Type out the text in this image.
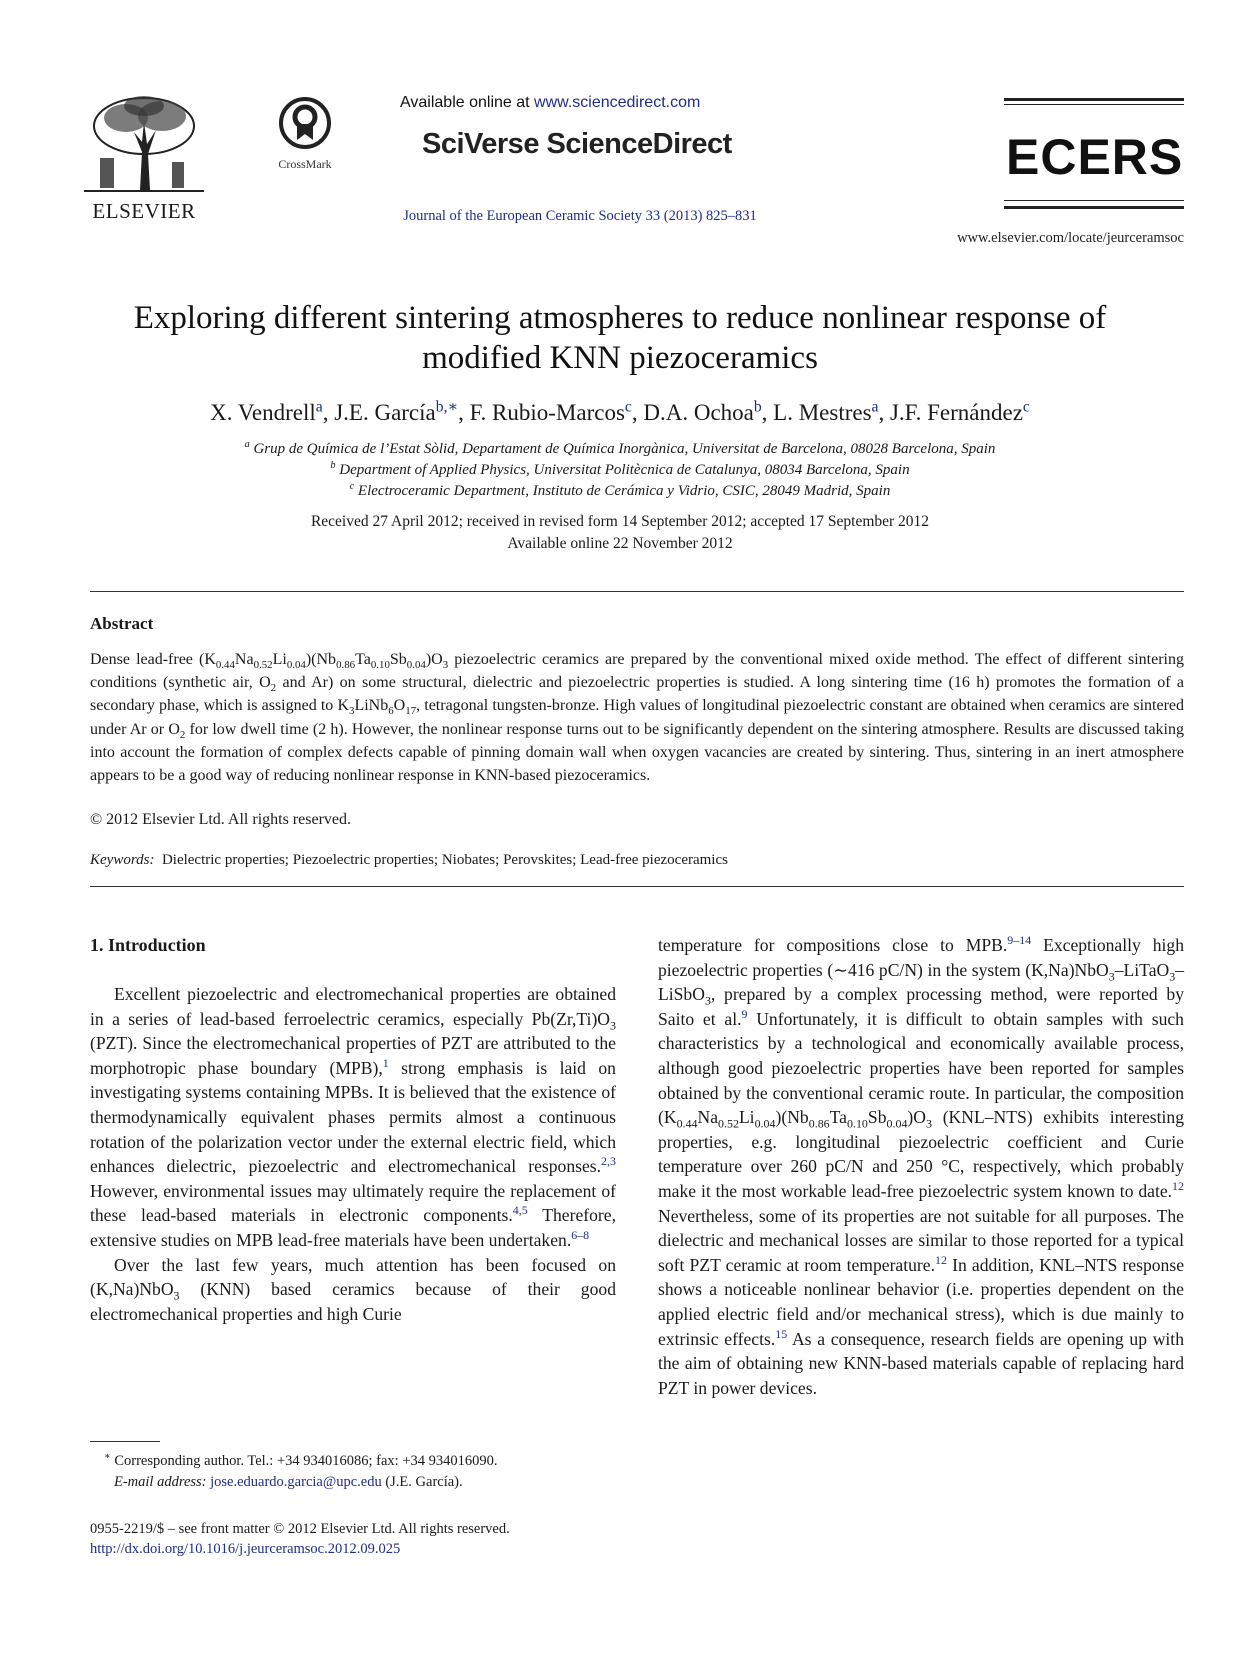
ELSEVIER
CrossMark
Available online at www.sciencedirect.com
SciVerse ScienceDirect
Journal of the European Ceramic Society 33 (2013) 825–831
ECERS
www.elsevier.com/locate/jeurceramsoc
Exploring different sintering atmospheres to reduce nonlinear response of
modified KNN piezoceramics
X. Vendrell$^a$, J.E. García$^{b,∗}$, F. Rubio-Marcos$^c$, D.A. Ochoa$^b$, L. Mestres$^a$, J.F. Fernández$^c$
$^a$ Grup de Química de l’Estat Sòlid, Departament de Química Inorgànica, Universitat de Barcelona, 08028 Barcelona, Spain
$^b$ Department of Applied Physics, Universitat Politècnica de Catalunya, 08034 Barcelona, Spain
$^c$ Electroceramic Department, Instituto de Cerámica y Vidrio, CSIC, 28049 Madrid, Spain
Received 27 April 2012; received in revised form 14 September 2012; accepted 17 September 2012
Available online 22 November 2012
Abstract
Dense lead-free $(K_{0.44}Na_{0.52}Li_{0.04})(Nb_{0.86}Ta_{0.10}Sb_{0.04})O_3$ piezoelectric ceramics are prepared by the conventional mixed oxide method. The effect of different sintering conditions (synthetic air, $O_2$ and Ar) on some structural, dielectric and piezoelectric properties is studied. A long sintering time (16 h) promotes the formation of a secondary phase, which is assigned to $K_3LiNb_6O_{17}$, tetragonal tungsten-bronze. High values of longitudinal piezoelectric constant are obtained when ceramics are sintered under Ar or $O_2$ for low dwell time (2 h). However, the nonlinear response turns out to be significantly dependent on the sintering atmosphere. Results are discussed taking into account the formation of complex defects capable of pinning domain wall when oxygen vacancies are created by sintering. Thus, sintering in an inert atmosphere appears to be a good way of reducing nonlinear response in KNN-based piezoceramics.
© 2012 Elsevier Ltd. All rights reserved.
Keywords: Dielectric properties; Piezoelectric properties; Niobates; Perovskites; Lead-free piezoceramics
1. Introduction

Excellent piezoelectric and electromechanical properties are obtained in a series of lead-based ferroelectric ceramics, especially $Pb(Zr,Ti)O_3$ (PZT). Since the electromechanical properties of PZT are attributed to the morphotropic phase boundary (MPB),$^1$ strong emphasis is laid on investigating systems containing MPBs. It is believed that the existence of thermodynamically equivalent phases permits almost a continuous rotation of the polarization vector under the external electric field, which enhances dielectric, piezoelectric and electromechanical responses.$^{2,3}$ However, environmental issues may ultimately require the replacement of these lead-based materials in electronic components.$^{4,5}$ Therefore, extensive studies on MPB lead-free materials have been undertaken.$^{6-8}$

Over the last few years, much attention has been focused on (K,Na)NbO$_3$ (KNN) based ceramics because of their good electromechanical properties and high Curie

temperature for compositions close to MPB.$^{9-14}$ Exceptionally high piezoelectric properties (∼416 pC/N) in the system (K,Na)NbO$_3$–LiTaO$_3$–LiSbO$_3$, prepared by a complex processing method, were reported by Saito et al.$^9$ Unfortunately, it is difficult to obtain samples with such characteristics by a technological and economically available process, although good piezoelectric properties have been reported for samples obtained by the conventional ceramic route. In particular, the composition $(K_{0.44}Na_{0.52}Li_{0.04})(Nb_{0.86}Ta_{0.10}Sb_{0.04})O_3$ (KNL–NTS) exhibits interesting properties, e.g. longitudinal piezoelectric coefficient and Curie temperature over 260 pC/N and 250 °C, respectively, which probably make it the most workable lead-free piezoelectric system known to date.$^{12}$ Nevertheless, some of its properties are not suitable for all purposes. The dielectric and mechanical losses are similar to those reported for a typical soft PZT ceramic at room temperature.$^{12}$ In addition, KNL–NTS response shows a noticeable nonlinear behavior (i.e. properties dependent on the applied electric field and/or mechanical stress), which is due mainly to extrinsic effects.$^{15}$ As a consequence, research fields are opening up with the aim of obtaining new KNN-based materials capable of replacing hard PZT in power devices.

∗ Corresponding author. Tel.: +34 934016086; fax: +34 934016090.
E-mail address: jose.eduardo.garcia@upc.edu (J.E. García).
0955-2219/$ – see front matter © 2012 Elsevier Ltd. All rights reserved.
http://dx.doi.org/10.1016/j.jeurceramsoc.2012.09.025
